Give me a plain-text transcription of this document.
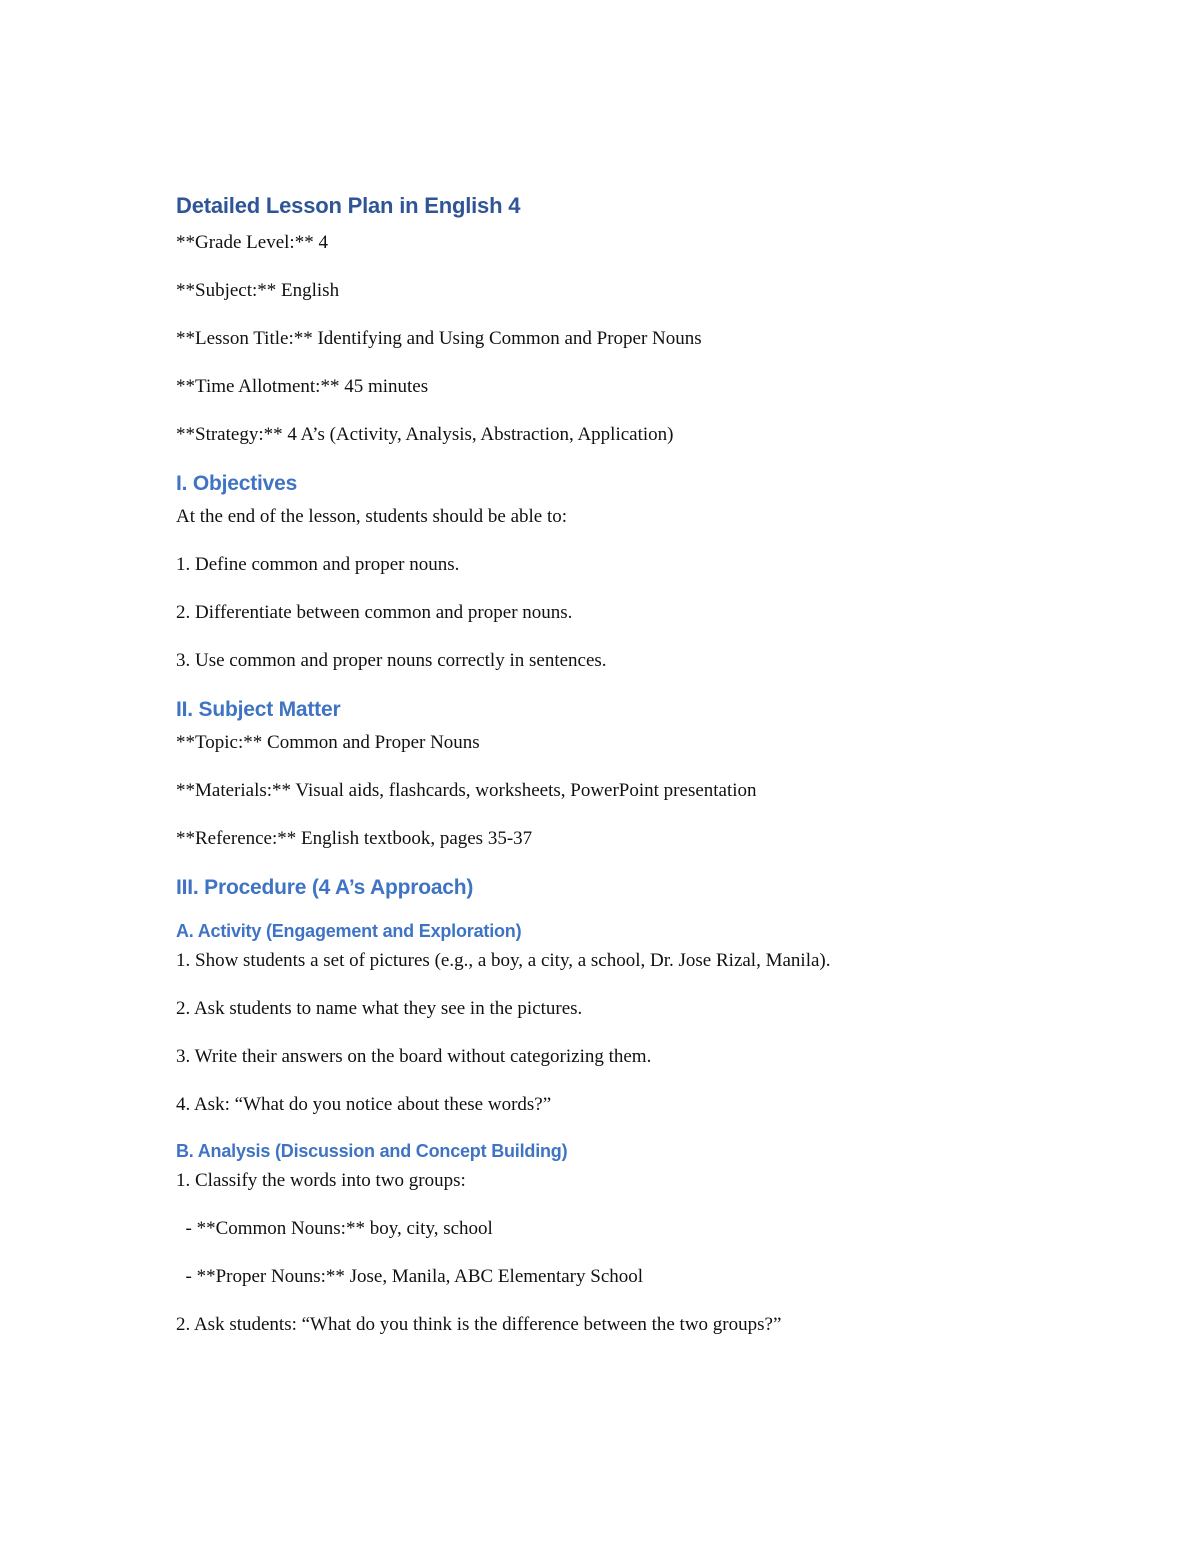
Detailed Lesson Plan in English 4
**Grade Level:** 4
**Subject:** English
**Lesson Title:** Identifying and Using Common and Proper Nouns
**Time Allotment:** 45 minutes
**Strategy:** 4 A’s (Activity, Analysis, Abstraction, Application)
I. Objectives
At the end of the lesson, students should be able to:
1. Define common and proper nouns.
2. Differentiate between common and proper nouns.
3. Use common and proper nouns correctly in sentences.
II. Subject Matter
**Topic:** Common and Proper Nouns
**Materials:** Visual aids, flashcards, worksheets, PowerPoint presentation
**Reference:** English textbook, pages 35-37
III. Procedure (4 A’s Approach)
A. Activity (Engagement and Exploration)
1. Show students a set of pictures (e.g., a boy, a city, a school, Dr. Jose Rizal, Manila).
2. Ask students to name what they see in the pictures.
3. Write their answers on the board without categorizing them.
4. Ask: “What do you notice about these words?”
B. Analysis (Discussion and Concept Building)
1. Classify the words into two groups:
- **Common Nouns:** boy, city, school
- **Proper Nouns:** Jose, Manila, ABC Elementary School
2. Ask students: “What do you think is the difference between the two groups?”
